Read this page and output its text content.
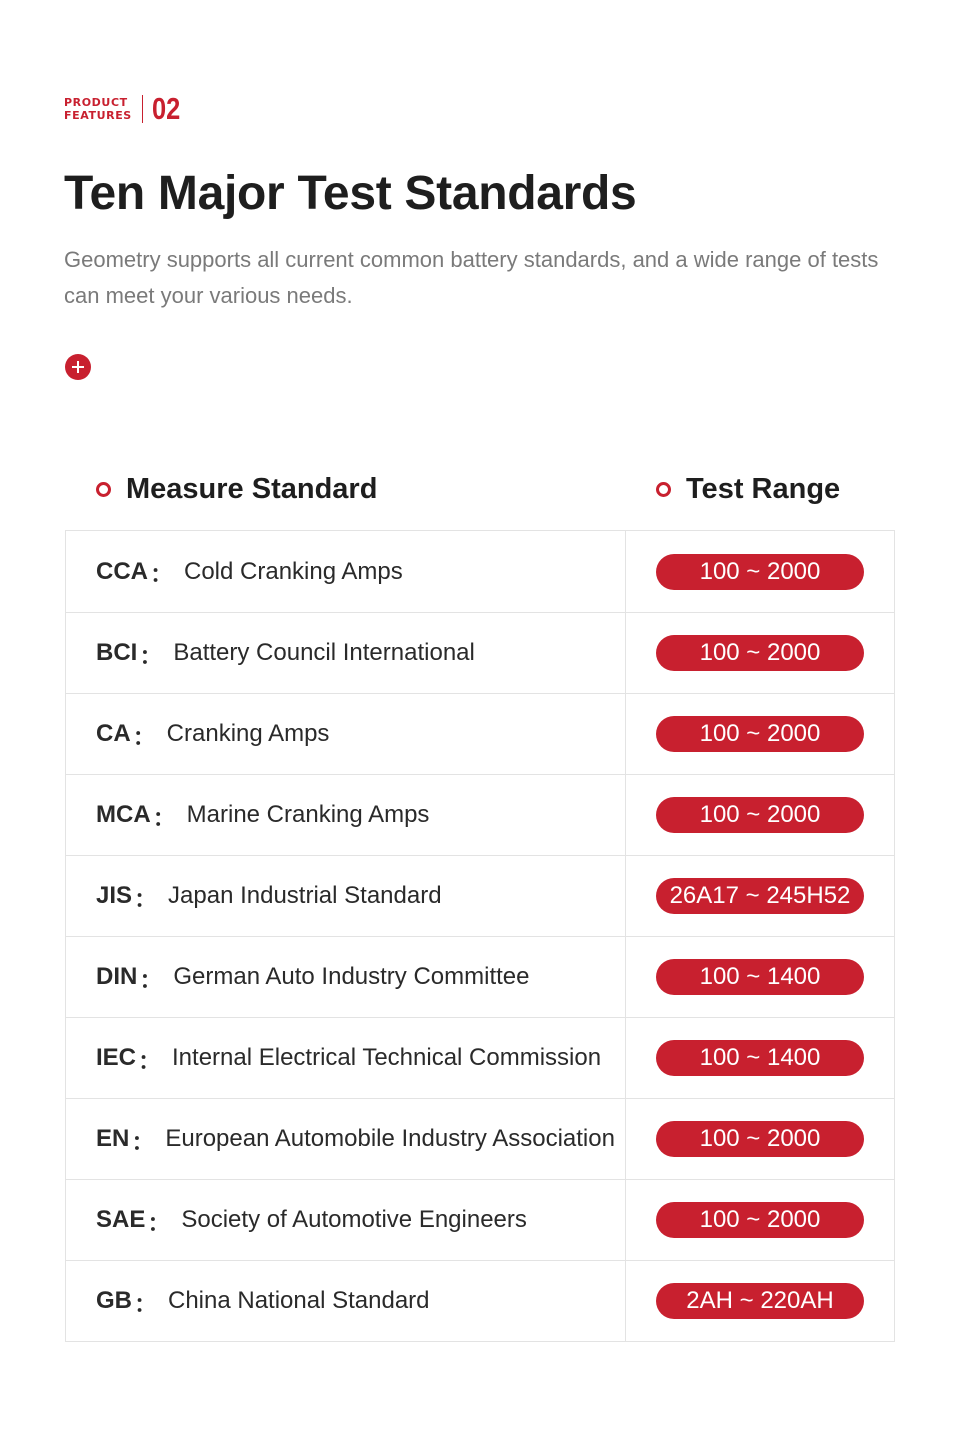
PRODUCT
FEATURES 02
Ten Major Test Standards

Geometry supports all current common battery standards, and a wide range of tests can meet your various needs.

Measure Standard	Test Range
CCA ： Cold Cranking Amps	100 ~ 2000
BCI ： Battery Council International	100 ~ 2000
CA ： Cranking Amps	100 ~ 2000
MCA ： Marine Cranking Amps	100 ~ 2000
JIS ： Japan Industrial Standard	26A17 ~ 245H52
DIN ： German Auto Industry Committee	100 ~ 1400
IEC ： Internal Electrical Technical Commission	100 ~ 1400
EN ： European Automobile Industry Association	100 ~ 2000
SAE ： Society of Automotive Engineers	100 ~ 2000
GB ： China National Standard	2AH ~ 220AH
